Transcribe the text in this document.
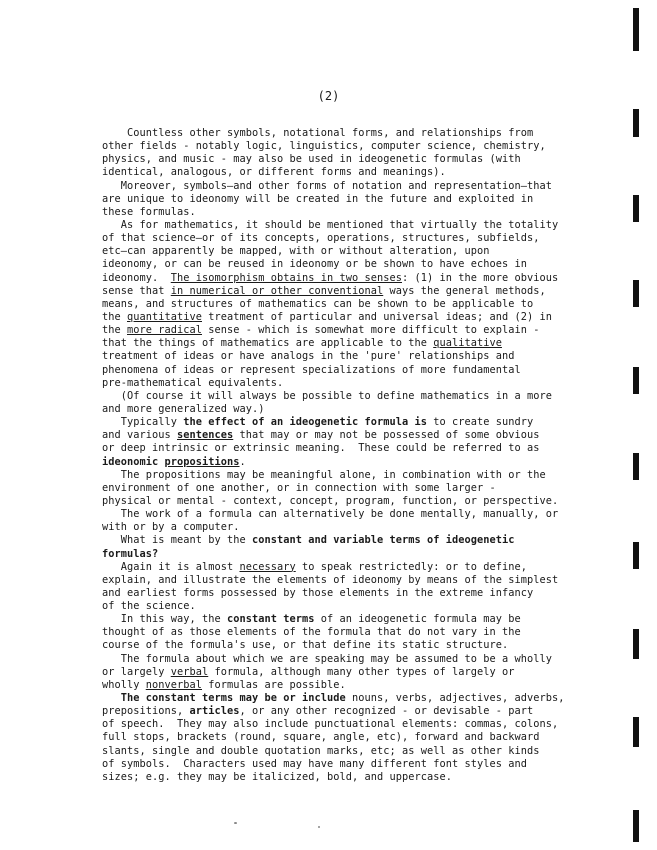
(2)
Countless other symbols, notational forms, and relationships from
other fields - notably logic, linguistics, computer science, chemistry,
physics, and music - may also be used in ideogenetic formulas (with
identical, analogous, or different forms and meanings).
Moreover, symbols—and other forms of notation and representation—that
are unique to ideonomy will be created in the future and exploited in
these formulas.
As for mathematics, it should be mentioned that virtually the totality
of that science—or of its concepts, operations, structures, subfields,
etc—can apparently be mapped, with or without alteration, upon
ideonomy, or can be reused in ideonomy or be shown to have echoes in
ideonomy.  The isomorphism obtains in two senses: (1) in the more obvious
sense that in numerical or other conventional ways the general methods,
means, and structures of mathematics can be shown to be applicable to
the quantitative treatment of particular and universal ideas; and (2) in
the more radical sense - which is somewhat more difficult to explain -
that the things of mathematics are applicable to the qualitative
treatment of ideas or have analogs in the 'pure' relationships and
phenomena of ideas or represent specializations of more fundamental
pre-mathematical equivalents.
(Of course it will always be possible to define mathematics in a more
and more generalized way.)
Typically the effect of an ideogenetic formula is to create sundry
and various sentences that may or may not be possessed of some obvious
or deep intrinsic or extrinsic meaning.  These could be referred to as
ideonomic propositions.
The propositions may be meaningful alone, in combination with or the
environment of one another, or in connection with some larger -
physical or mental - context, concept, program, function, or perspective.
The work of a formula can alternatively be done mentally, manually, or
with or by a computer.
What is meant by the constant and variable terms of ideogenetic
formulas?
Again it is almost necessary to speak restrictedly: or to define,
explain, and illustrate the elements of ideonomy by means of the simplest
and earliest forms possessed by those elements in the extreme infancy
of the science.
In this way, the constant terms of an ideogenetic formula may be
thought of as those elements of the formula that do not vary in the
course of the formula's use, or that define its static structure.
The formula about which we are speaking may be assumed to be a wholly
or largely verbal formula, although many other types of largely or
wholly nonverbal formulas are possible.
The constant terms may be or include nouns, verbs, adjectives, adverbs,
prepositions, articles, or any other recognized - or devisable - part
of speech.  They may also include punctuational elements: commas, colons,
full stops, brackets (round, square, angle, etc), forward and backward
slants, single and double quotation marks, etc; as well as other kinds
of symbols.  Characters used may have many different font styles and
sizes; e.g. they may be italicized, bold, and uppercase.
